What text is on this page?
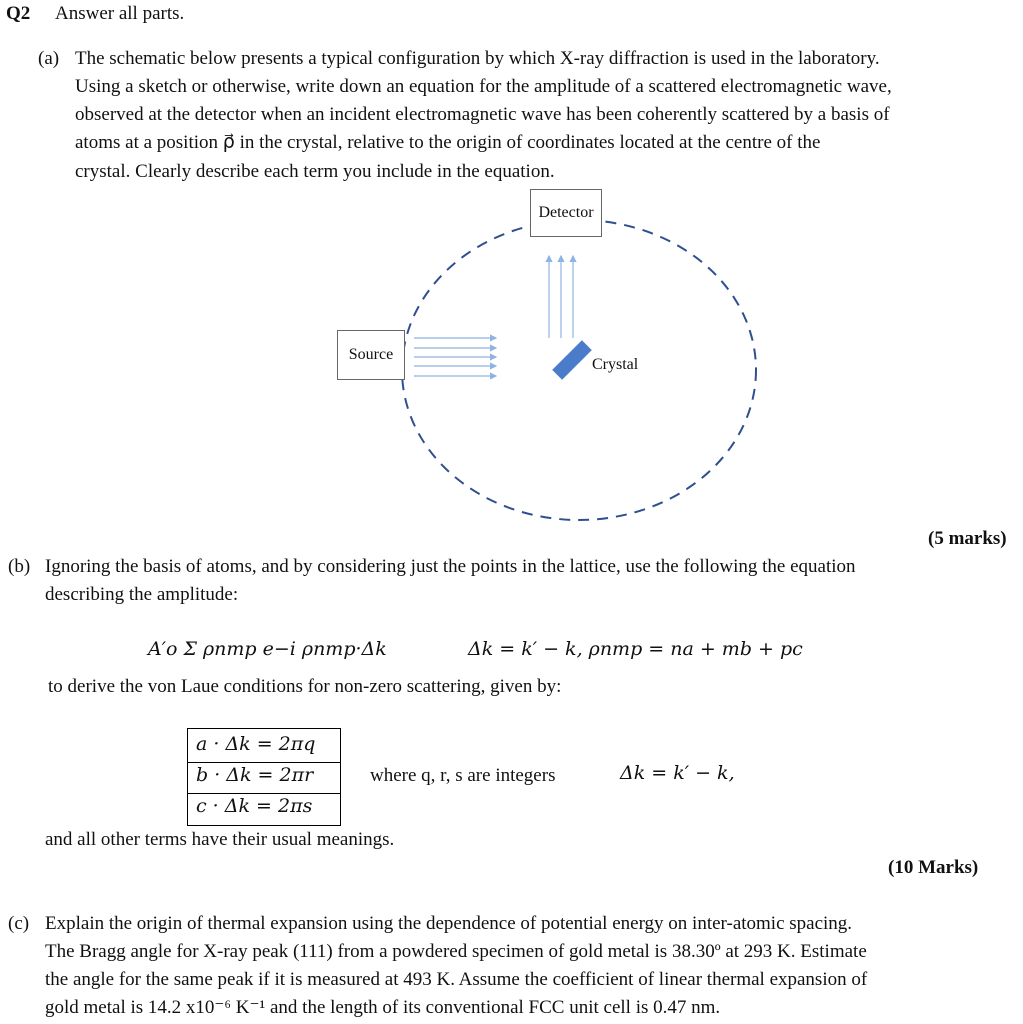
Q2 Answer all parts.
(a) The schematic below presents a typical configuration by which X-ray diffraction is used in the laboratory.
Using a sketch or otherwise, write down an equation for the amplitude of a scattered electromagnetic wave,
observed at the detector when an incident electromagnetic wave has been coherently scattered by a basis of
atoms at a position ρ⃗ in the crystal, relative to the origin of coordinates located at the centre of the
crystal. Clearly describe each term you include in the equation.
Detector
Source
Crystal
(5 marks)
(b) Ignoring the basis of atoms, and by considering just the points in the lattice, use the following the equation
describing the amplitude:
A′o Σ ρnmp e−i ρnmp·Δk	Δk = k′ − k, ρnmp = na + mb + pc
to derive the von Laue conditions for non-zero scattering, given by:
a · Δk = 2πq
b · Δk = 2πr
c · Δk = 2πs
where q, r, s are integers	Δk = k′ − k,
and all other terms have their usual meanings.
(10 Marks)
(c) Explain the origin of thermal expansion using the dependence of potential energy on inter-atomic spacing.
The Bragg angle for X-ray peak (111) from a powdered specimen of gold metal is 38.30º at 293 K. Estimate
the angle for the same peak if it is measured at 493 K. Assume the coefficient of linear thermal expansion of
gold metal is 14.2 x10⁻⁶ K⁻¹ and the length of its conventional FCC unit cell is 0.47 nm.
